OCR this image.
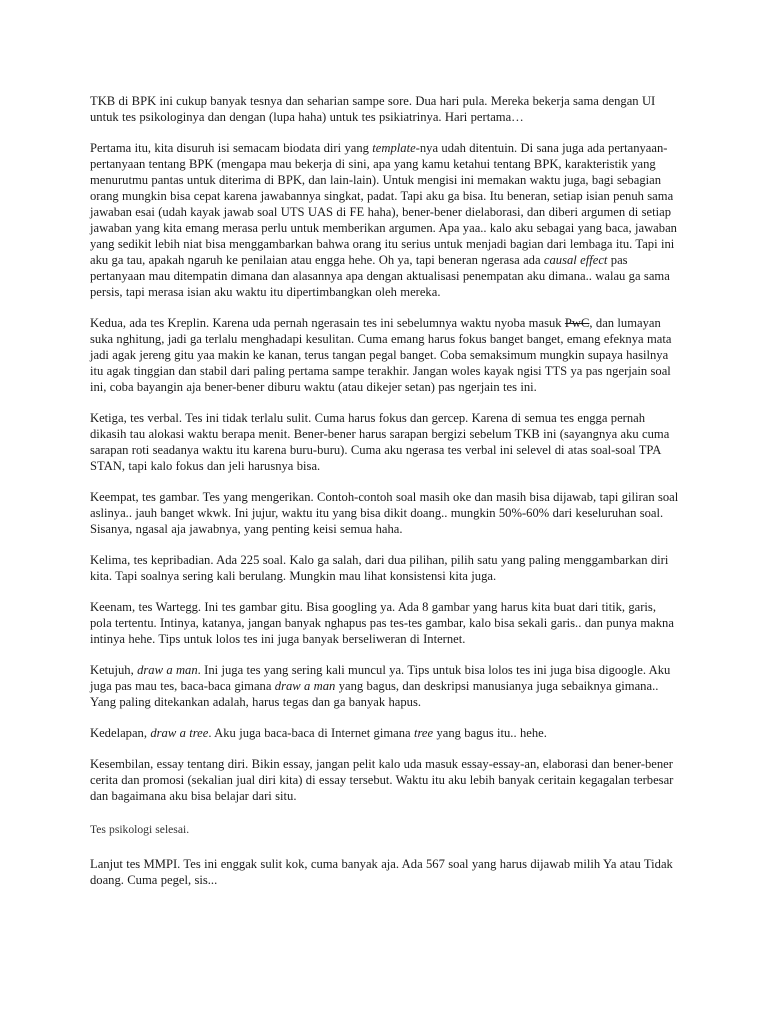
TKB di BPK ini cukup banyak tesnya dan seharian sampe sore. Dua hari pula. Mereka bekerja sama dengan UI untuk tes psikologinya dan dengan (lupa haha) untuk tes psikiatrinya. Hari pertama…

Pertama itu, kita disuruh isi semacam biodata diri yang template-nya udah ditentuin. Di sana juga ada pertanyaan-pertanyaan tentang BPK (mengapa mau bekerja di sini, apa yang kamu ketahui tentang BPK, karakteristik yang menurutmu pantas untuk diterima di BPK, dan lain-lain). Untuk mengisi ini memakan waktu juga, bagi sebagian orang mungkin bisa cepat karena jawabannya singkat, padat. Tapi aku ga bisa. Itu beneran, setiap isian penuh sama jawaban esai (udah kayak jawab soal UTS UAS di FE haha), bener-bener dielaborasi, dan diberi argumen di setiap jawaban yang kita emang merasa perlu untuk memberikan argumen. Apa yaa.. kalo aku sebagai yang baca, jawaban yang sedikit lebih niat bisa menggambarkan bahwa orang itu serius untuk menjadi bagian dari lembaga itu. Tapi ini aku ga tau, apakah ngaruh ke penilaian atau engga hehe. Oh ya, tapi beneran ngerasa ada causal effect pas pertanyaan mau ditempatin dimana dan alasannya apa dengan aktualisasi penempatan aku dimana.. walau ga sama persis, tapi merasa isian aku waktu itu dipertimbangkan oleh mereka.

Kedua, ada tes Kreplin. Karena uda pernah ngerasain tes ini sebelumnya waktu nyoba masuk PwC, dan lumayan suka nghitung, jadi ga terlalu menghadapi kesulitan. Cuma emang harus fokus banget banget, emang efeknya mata jadi agak jereng gitu yaa makin ke kanan, terus tangan pegal banget. Coba semaksimum mungkin supaya hasilnya itu agak tinggian dan stabil dari paling pertama sampe terakhir. Jangan woles kayak ngisi TTS ya pas ngerjain soal ini, coba bayangin aja bener-bener diburu waktu (atau dikejer setan) pas ngerjain tes ini.

Ketiga, tes verbal. Tes ini tidak terlalu sulit. Cuma harus fokus dan gercep. Karena di semua tes engga pernah dikasih tau alokasi waktu berapa menit. Bener-bener harus sarapan bergizi sebelum TKB ini (sayangnya aku cuma sarapan roti seadanya waktu itu karena buru-buru). Cuma aku ngerasa tes verbal ini selevel di atas soal-soal TPA STAN, tapi kalo fokus dan jeli harusnya bisa.

Keempat, tes gambar. Tes yang mengerikan. Contoh-contoh soal masih oke dan masih bisa dijawab, tapi giliran soal aslinya.. jauh banget wkwk. Ini jujur, waktu itu yang bisa dikit doang.. mungkin 50%-60% dari keseluruhan soal. Sisanya, ngasal aja jawabnya, yang penting keisi semua haha.

Kelima, tes kepribadian. Ada 225 soal. Kalo ga salah, dari dua pilihan, pilih satu yang paling menggambarkan diri kita. Tapi soalnya sering kali berulang. Mungkin mau lihat konsistensi kita juga.

Keenam, tes Wartegg. Ini tes gambar gitu. Bisa googling ya. Ada 8 gambar yang harus kita buat dari titik, garis, pola tertentu. Intinya, katanya, jangan banyak nghapus pas tes-tes gambar, kalo bisa sekali garis.. dan punya makna intinya hehe. Tips untuk lolos tes ini juga banyak berseliweran di Internet.

Ketujuh, draw a man. Ini juga tes yang sering kali muncul ya. Tips untuk bisa lolos tes ini juga bisa digoogle. Aku juga pas mau tes, baca-baca gimana draw a man yang bagus, dan deskripsi manusianya juga sebaiknya gimana.. Yang paling ditekankan adalah, harus tegas dan ga banyak hapus.

Kedelapan, draw a tree. Aku juga baca-baca di Internet gimana tree yang bagus itu.. hehe.

Kesembilan, essay tentang diri. Bikin essay, jangan pelit kalo uda masuk essay-essay-an, elaborasi dan bener-bener cerita dan promosi (sekalian jual diri kita) di essay tersebut. Waktu itu aku lebih banyak ceritain kegagalan terbesar dan bagaimana aku bisa belajar dari situ.

Tes psikologi selesai.

Lanjut tes MMPI. Tes ini enggak sulit kok, cuma banyak aja. Ada 567 soal yang harus dijawab milih Ya atau Tidak doang. Cuma pegel, sis...
